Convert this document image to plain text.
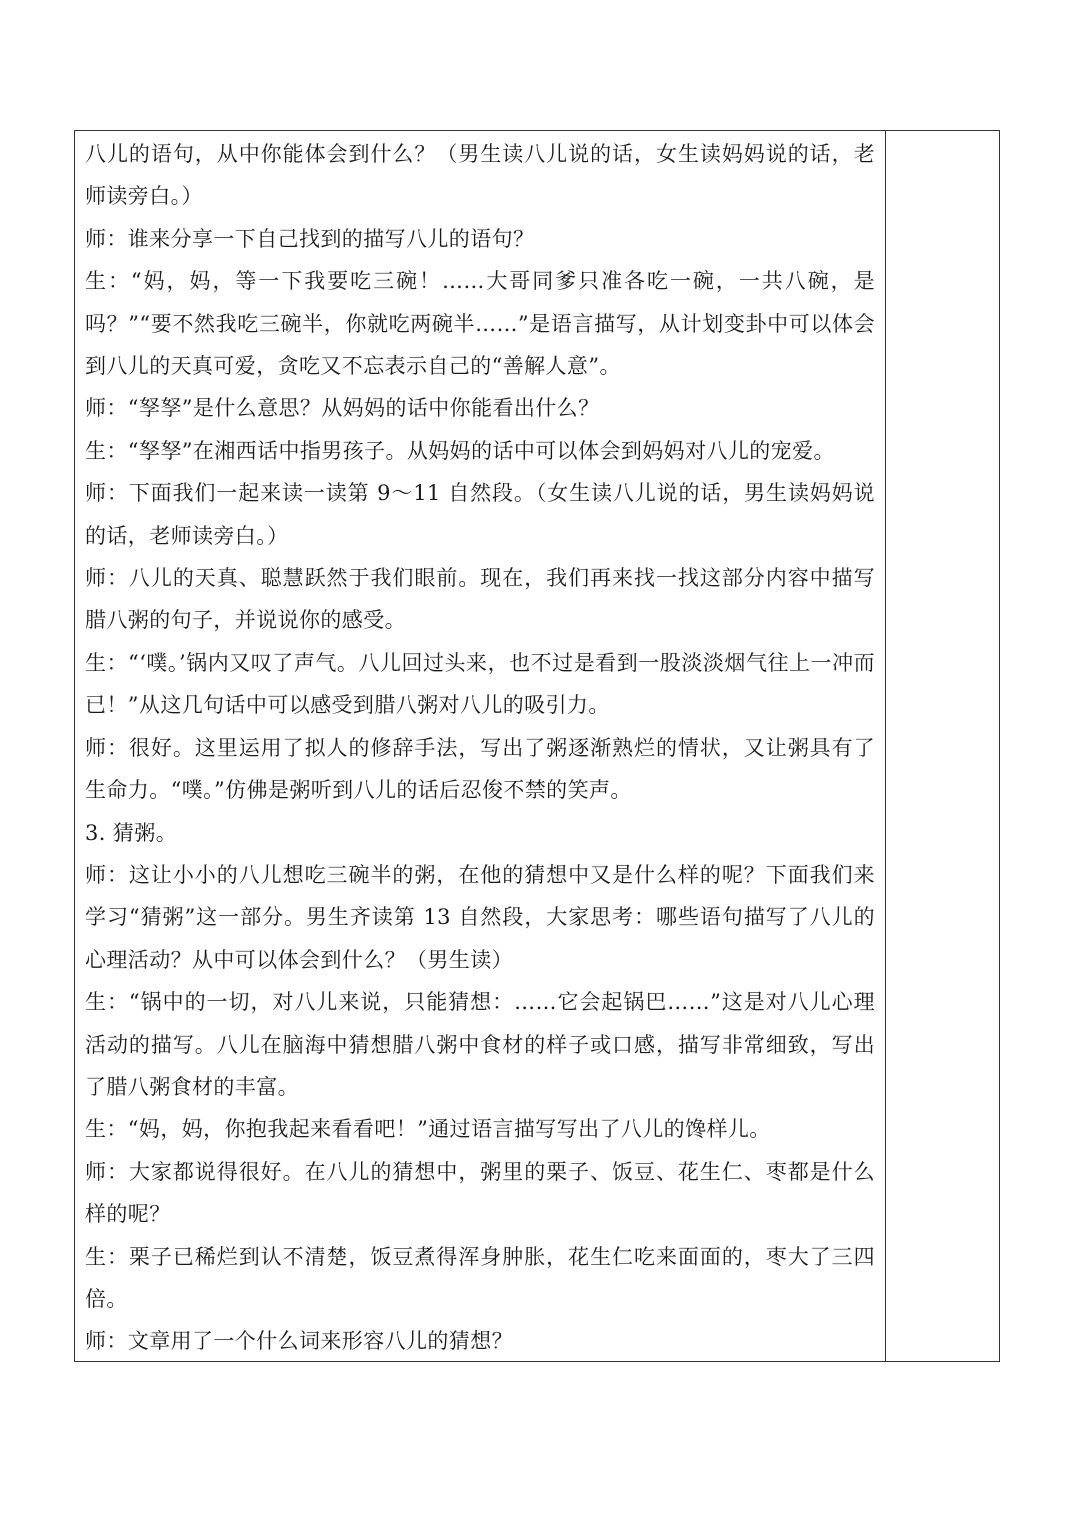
八儿的语句，从中你能体会到什么？（男生读八儿说的话，女生读妈妈说的话，老师读旁白。）

师：谁来分享一下自己找到的描写八儿的语句？

生：“妈，妈，等一下我要吃三碗！……大哥同爹只准各吃一碗，一共八碗，是吗？”“要不然我吃三碗半，你就吃两碗半……”是语言描写，从计划变卦中可以体会到八儿的天真可爱，贪吃又不忘表示自己的“善解人意”。

师：“孥孥”是什么意思？从妈妈的话中你能看出什么？

生：“孥孥”在湘西话中指男孩子。从妈妈的话中可以体会到妈妈对八儿的宠爱。

师：下面我们一起来读一读第 9～11 自然段。（女生读八儿说的话，男生读妈妈说的话，老师读旁白。）

师：八儿的天真、聪慧跃然于我们眼前。现在，我们再来找一找这部分内容中描写腊八粥的句子，并说说你的感受。

生：“‘噗。’锅内又叹了声气。八儿回过头来，也不过是看到一股淡淡烟气往上一冲而已！”从这几句话中可以感受到腊八粥对八儿的吸引力。

师：很好。这里运用了拟人的修辞手法，写出了粥逐渐熟烂的情状，又让粥具有了生命力。“噗。”仿佛是粥听到八儿的话后忍俊不禁的笑声。

3. 猜粥。

师：这让小小的八儿想吃三碗半的粥，在他的猜想中又是什么样的呢？下面我们来学习“猜粥”这一部分。男生齐读第 13 自然段，大家思考：哪些语句描写了八儿的心理活动？从中可以体会到什么？（男生读）

生：“锅中的一切，对八儿来说，只能猜想：……它会起锅巴……”这是对八儿心理活动的描写。八儿在脑海中猜想腊八粥中食材的样子或口感，描写非常细致，写出了腊八粥食材的丰富。

生：“妈，妈，你抱我起来看看吧！”通过语言描写写出了八儿的馋样儿。

师：大家都说得很好。在八儿的猜想中，粥里的栗子、饭豆、花生仁、枣都是什么样的呢？

生：栗子已稀烂到认不清楚，饭豆煮得浑身肿胀，花生仁吃来面面的，枣大了三四倍。

师：文章用了一个什么词来形容八儿的猜想？
